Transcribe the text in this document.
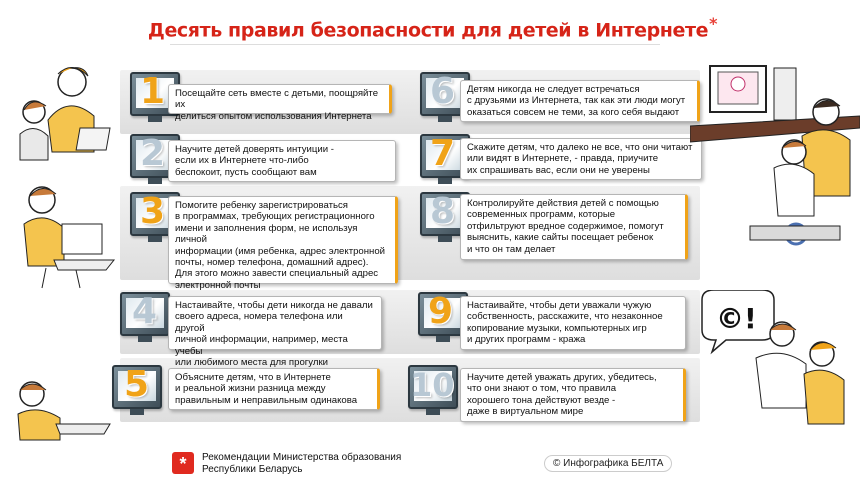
Десять правил безопасности для детей в Интернете*
1
2
3
4
5
6
7
8
9
10
Посещайте сеть вместе с детьми, поощряйте их
делиться опытом использования Интернета
Научите детей доверять интуиции -
если их в Интернете что-либо
беспокоит, пусть сообщают вам
Помогите ребенку зарегистрироваться
в программах, требующих регистрационного
имени и заполнения форм, не используя личной
информации (имя ребенка, адрес электронной
почты, номер телефона, домашний адрес).
Для этого можно завести специальный адрес
электронной почты
Настаивайте, чтобы дети никогда не давали
своего адреса, номера телефона или другой
личной информации, например, места учебы
или любимого места для прогулки
Объясните детям, что в Интернете
и реальной жизни разница между
правильным и неправильным одинакова
Детям никогда не следует встречаться
с друзьями из Интернета, так как эти люди могут
оказаться совсем не теми, за кого себя выдают
Скажите детям, что далеко не все, что они читают
или видят в Интернете, - правда, приучите
их спрашивать вас, если они не уверены
Контролируйте действия детей с помощью
современных программ, которые
отфильтруют вредное содержимое, помогут
выяснить, какие сайты посещает ребенок
и что он там делает
Настаивайте, чтобы дети уважали чужую
собственность, расскажите, что незаконное
копирование музыки, компьютерных игр
и других программ - кража
Научите детей уважать других, убедитесь,
что они знают о том, что правила
хорошего тона действуют везде -
даже в виртуальном мире
©!
*	Рекомендации Министерства образования
Республики Беларусь
© Инфографика БЕЛТА
